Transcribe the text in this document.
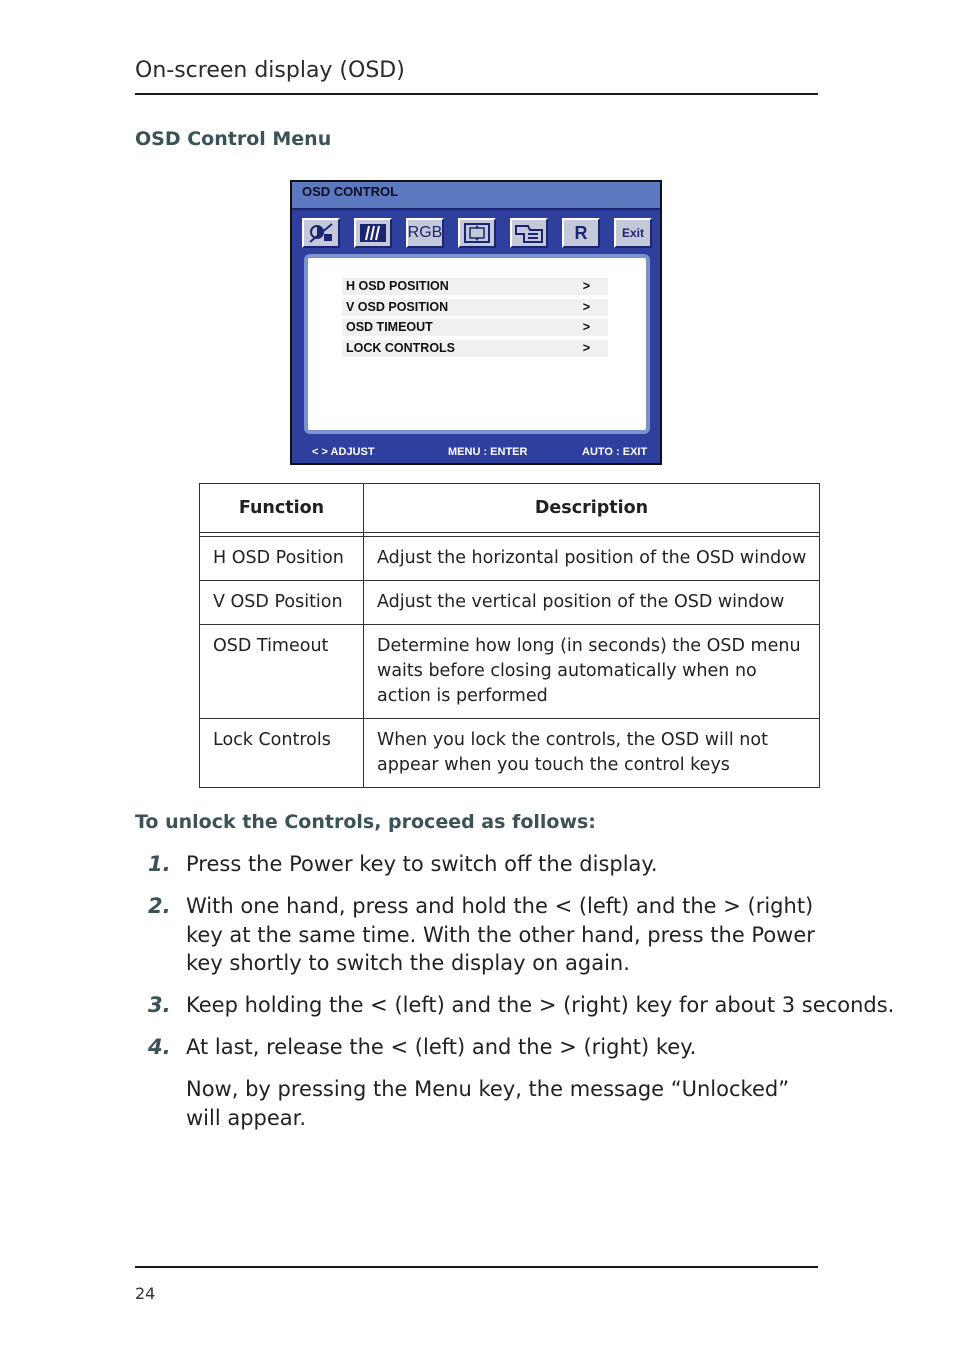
On-screen display (OSD)
OSD Control Menu
OSD CONTROL
RGB	R	Exit
H OSD POSITION	>
V OSD POSITION	>
OSD TIMEOUT	>
LOCK CONTROLS	>
< > ADJUST	MENU : ENTER	AUTO : EXIT
Function	Description

H OSD Position	Adjust the horizontal position of the OSD window
V OSD Position	Adjust the vertical position of the OSD window
OSD Timeout	Determine how long (in seconds) the OSD menu waits before closing automatically when no action is performed
Lock Controls	When you lock the controls, the OSD will not appear when you touch the control keys
To unlock the Controls, proceed as follows:
1. Press the Power key to switch off the display.
2. With one hand, press and hold the < (left) and the > (right) key at the same time. With the other hand, press the Power key shortly to switch the display on again.
3. Keep holding the < (left) and the > (right) key for about 3 seconds.
4. At last, release the < (left) and the > (right) key.
Now, by pressing the Menu key, the message “Unlocked” will appear.
24
